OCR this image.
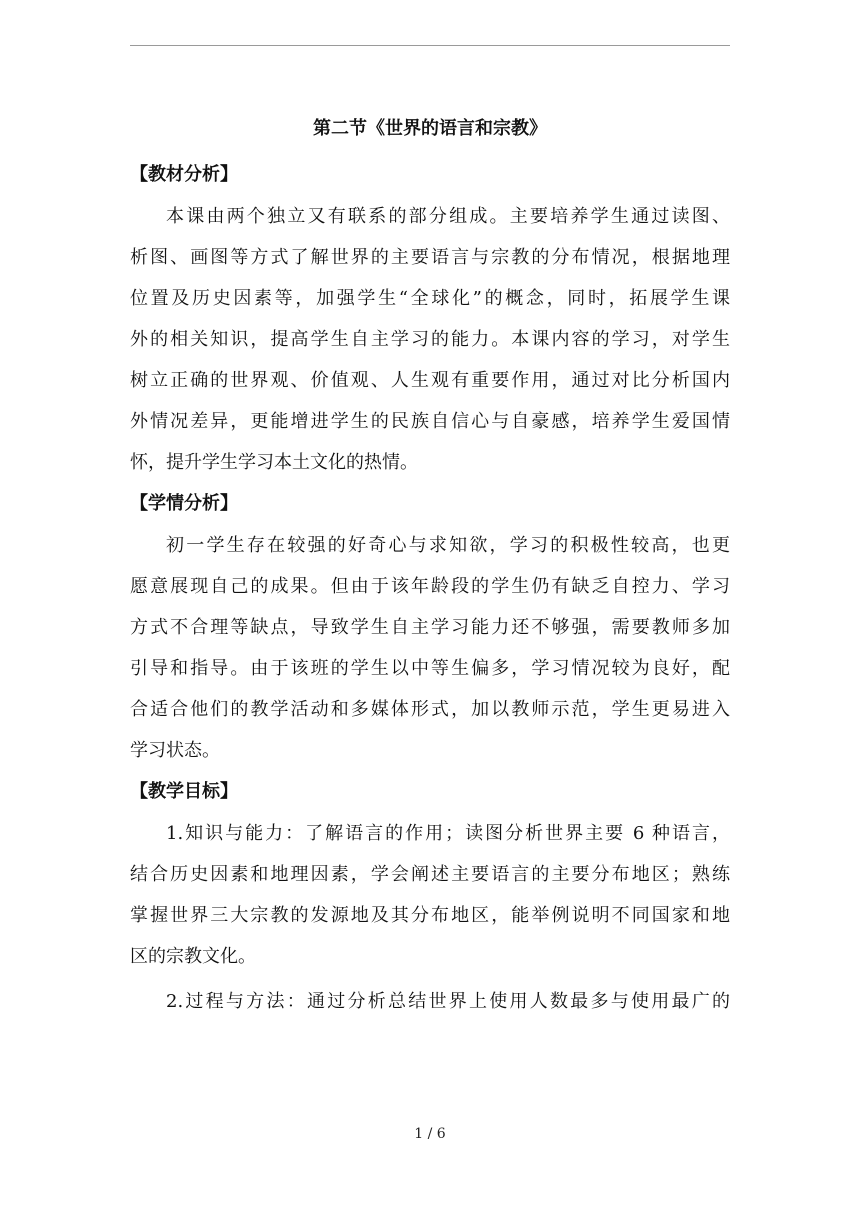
第二节《世界的语言和宗教》

【教材分析】

本课由两个独立又有联系的部分组成。主要培养学生通过读图、
析图、画图等方式了解世界的主要语言与宗教的分布情况，根据地理
位置及历史因素等，加强学生“全球化”的概念，同时，拓展学生课
外的相关知识，提高学生自主学习的能力。本课内容的学习，对学生
树立正确的世界观、价值观、人生观有重要作用，通过对比分析国内
外情况差异，更能增进学生的民族自信心与自豪感，培养学生爱国情
怀，提升学生学习本土文化的热情。

【学情分析】

初一学生存在较强的好奇心与求知欲，学习的积极性较高，也更
愿意展现自己的成果。但由于该年龄段的学生仍有缺乏自控力、学习
方式不合理等缺点，导致学生自主学习能力还不够强，需要教师多加
引导和指导。由于该班的学生以中等生偏多，学习情况较为良好，配
合适合他们的教学活动和多媒体形式，加以教师示范，学生更易进入
学习状态。

【教学目标】

1.知识与能力：了解语言的作用；读图分析世界主要 6 种语言，
结合历史因素和地理因素，学会阐述主要语言的主要分布地区；熟练
掌握世界三大宗教的发源地及其分布地区，能举例说明不同国家和地
区的宗教文化。
2.过程与方法：通过分析总结世界上使用人数最多与使用最广的
1 / 6
